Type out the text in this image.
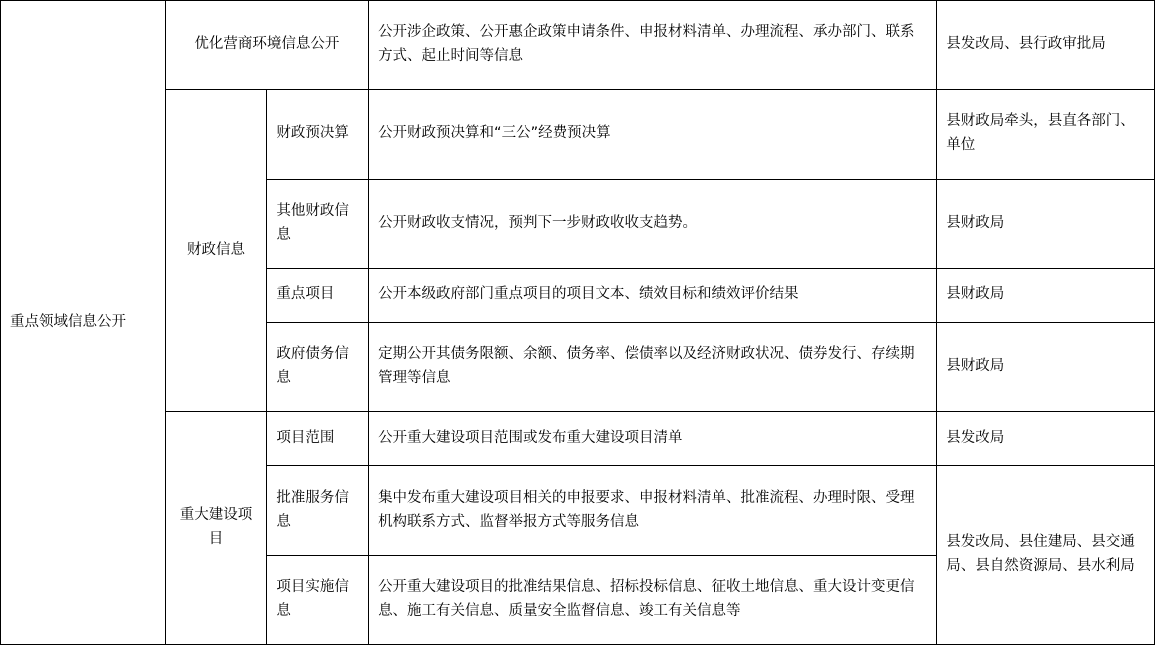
重点领域信息公开	优化营商环境信息公开		公开涉企政策、公开惠企政策申请条件、申报材料清单、办理流程、承办部门、联系方式、起止时间等信息	县发改局、县行政审批局
	财政信息	财政预决算	公开财政预决算和“三公”经费预决算	县财政局牵头，县直各部门、单位
		其他财政信息	公开财政收支情况，预判下一步财政收收支趋势。	县财政局
		重点项目	公开本级政府部门重点项目的项目文本、绩效目标和绩效评价结果	县财政局
		政府债务信息	定期公开其债务限额、余额、债务率、偿债率以及经济财政状况、债券发行、存续期管理等信息	县财政局
	重大建设项目	项目范围	公开重大建设项目范围或发布重大建设项目清单	县发改局
		批准服务信息	集中发布重大建设项目相关的申报要求、申报材料清单、批准流程、办理时限、受理机构联系方式、监督举报方式等服务信息	县发改局、县住建局、县交通局、县自然资源局、县水利局
		项目实施信息	公开重大建设项目的批准结果信息、招标投标信息、征收土地信息、重大设计变更信息、施工有关信息、质量安全监督信息、竣工有关信息等	
